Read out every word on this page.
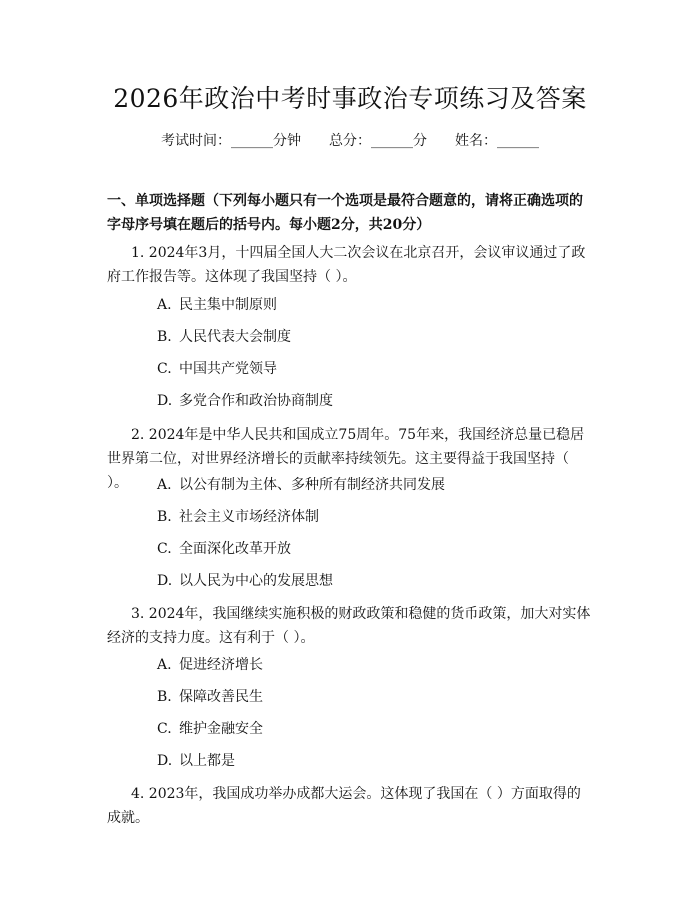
2026年政治中考时事政治专项练习及答案
考试时间：______分钟 总分：______分 姓名：______
一、单项选择题（下列每小题只有一个选项是最符合题意的，请将正确选项的字母序号填在题后的括号内。每小题2分，共20分）
1. 2024年3月，十四届全国人大二次会议在北京召开，会议审议通过了政府工作报告等。这体现了我国坚持（ ）。
A. 民主集中制原则
B. 人民代表大会制度
C. 中国共产党领导
D. 多党合作和政治协商制度
2. 2024年是中华人民共和国成立75周年。75年来，我国经济总量已稳居世界第二位，对世界经济增长的贡献率持续领先。这主要得益于我国坚持（ ）。	A. 以公有制为主体、多种所有制经济共同发展
B. 社会主义市场经济体制
C. 全面深化改革开放
D. 以人民为中心的发展思想
3. 2024年，我国继续实施积极的财政政策和稳健的货币政策，加大对实体经济的支持力度。这有利于（ ）。
A. 促进经济增长
B. 保障改善民生
C. 维护金融安全
D. 以上都是
4. 2023年，我国成功举办成都大运会。这体现了我国在（ ）方面取得的成就。
